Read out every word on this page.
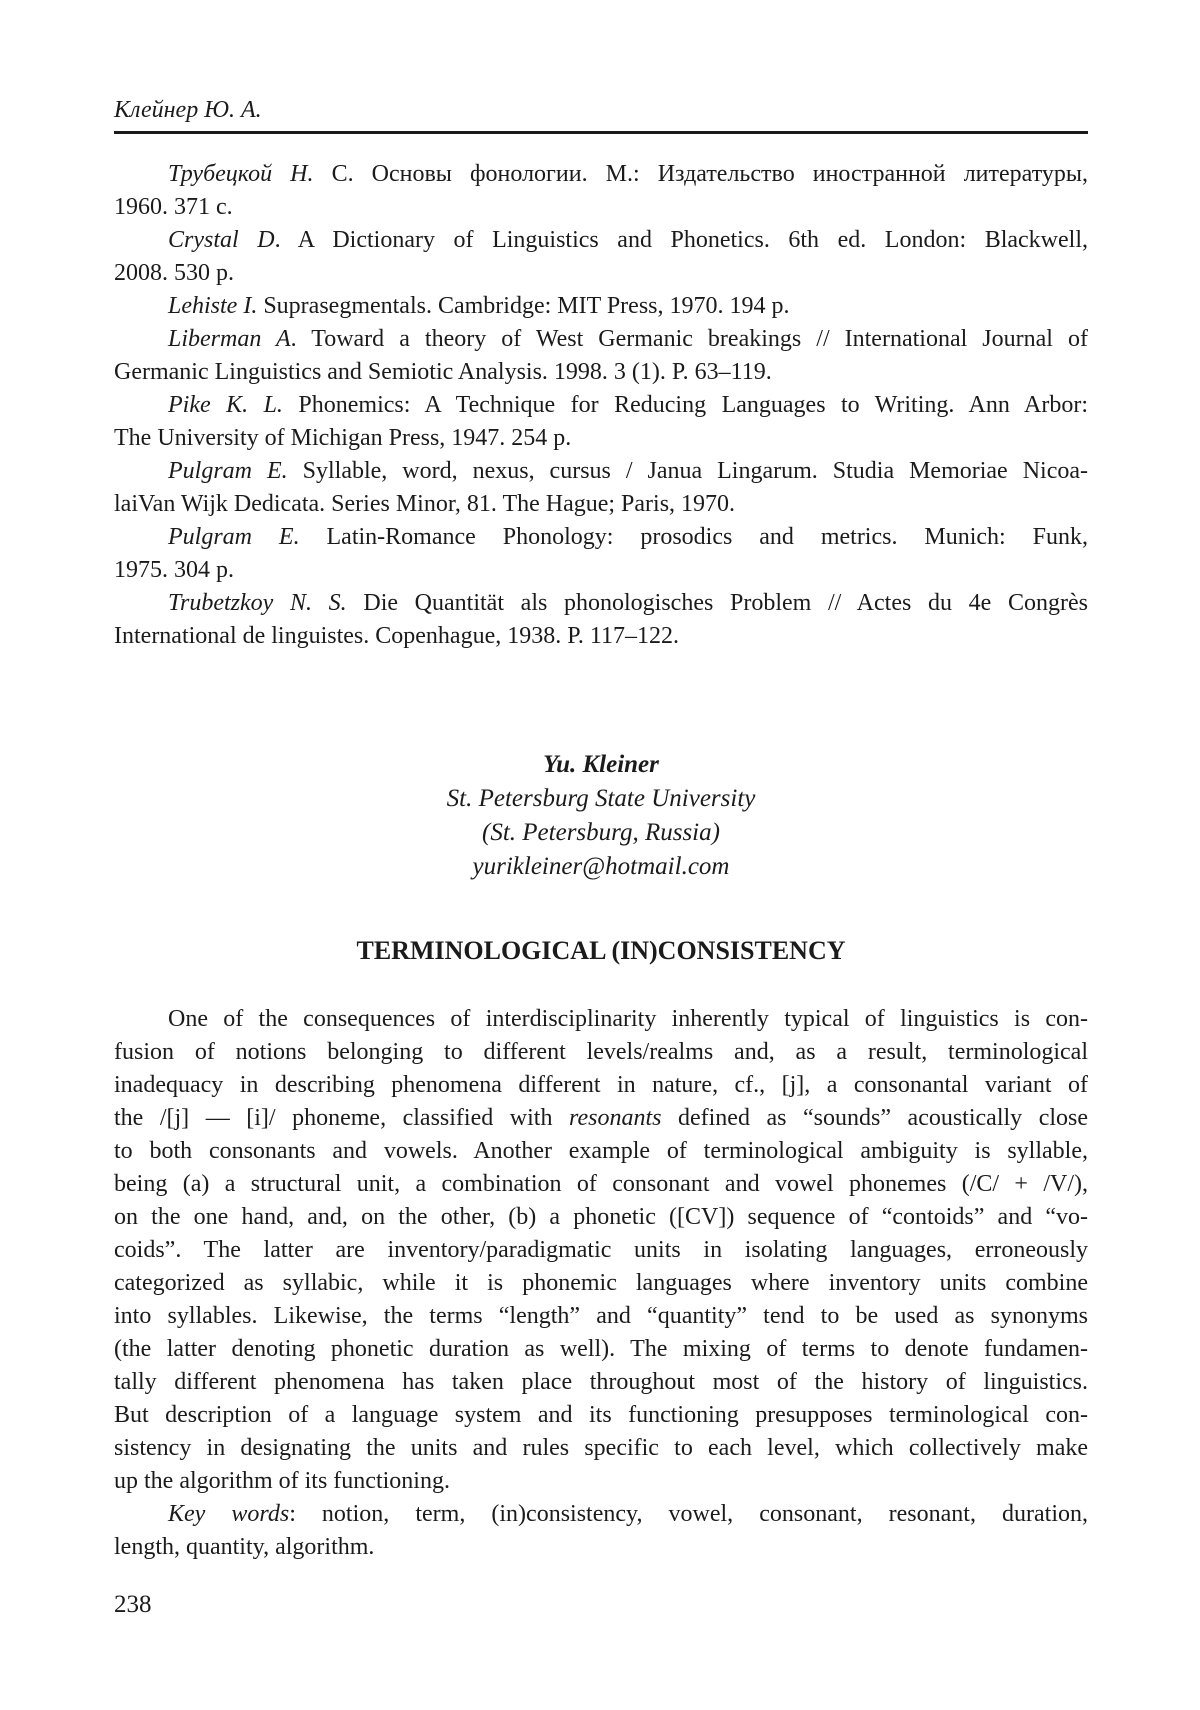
Клейнер Ю. А.
Трубецкой Н. С. Основы фонологии. М.: Издательство иностранной литературы,
1960. 371 с.
Crystal D. A Dictionary of Linguistics and Phonetics. 6th ed. London: Blackwell,
2008. 530 p.
Lehiste I. Suprasegmentals. Cambridge: MIT Press, 1970. 194 p.
Liberman A. Toward a theory of West Germanic breakings // International Journal of
Germanic Linguistics and Semiotic Analysis. 1998. 3 (1). P. 63–119.
Pike K. L. Phonemics: A Technique for Reducing Languages to Writing. Ann Arbor:
The University of Michigan Press, 1947. 254 p.
Pulgram E. Syllable, word, nexus, cursus / Janua Lingarum. Studia Memoriae Nicoa-
laiVan Wijk Dedicata. Series Minor, 81. The Hague; Paris, 1970.
Pulgram E. Latin-Romance Phonology: prosodics and metrics. Munich: Funk,
1975. 304 p.
Trubetzkoy N. S. Die Quantität als phonologisches Problem // Actes du 4e Congrès
International de linguistes. Copenhague, 1938. P. 117–122.
Yu. Kleiner
St. Petersburg State University
(St. Petersburg, Russia)
yurikleiner@hotmail.com
TERMINOLOGICAL (IN)CONSISTENCY
One of the consequences of interdisciplinarity inherently typical of linguistics is con-
fusion of notions belonging to different levels/realms and, as a result, terminological
inadequacy in describing phenomena different in nature, cf., [j], a consonantal variant of
the /[j] — [i]/ phoneme, classified with resonants defined as “sounds” acoustically close
to both consonants and vowels. Another example of terminological ambiguity is syllable,
being (a) a structural unit, a combination of consonant and vowel phonemes (/C/ + /V/),
on the one hand, and, on the other, (b) a phonetic ([CV]) sequence of “contoids” and “vo-
coids”. The latter are inventory/paradigmatic units in isolating languages, erroneously
categorized as syllabic, while it is phonemic languages where inventory units combine
into syllables. Likewise, the terms “length” and “quantity” tend to be used as synonyms
(the latter denoting phonetic duration as well). The mixing of terms to denote fundamen-
tally different phenomena has taken place throughout most of the history of linguistics.
But description of a language system and its functioning presupposes terminological con-
sistency in designating the units and rules specific to each level, which collectively make
up the algorithm of its functioning.
Key words: notion, term, (in)consistency, vowel, consonant, resonant, duration,
length, quantity, algorithm.
238
